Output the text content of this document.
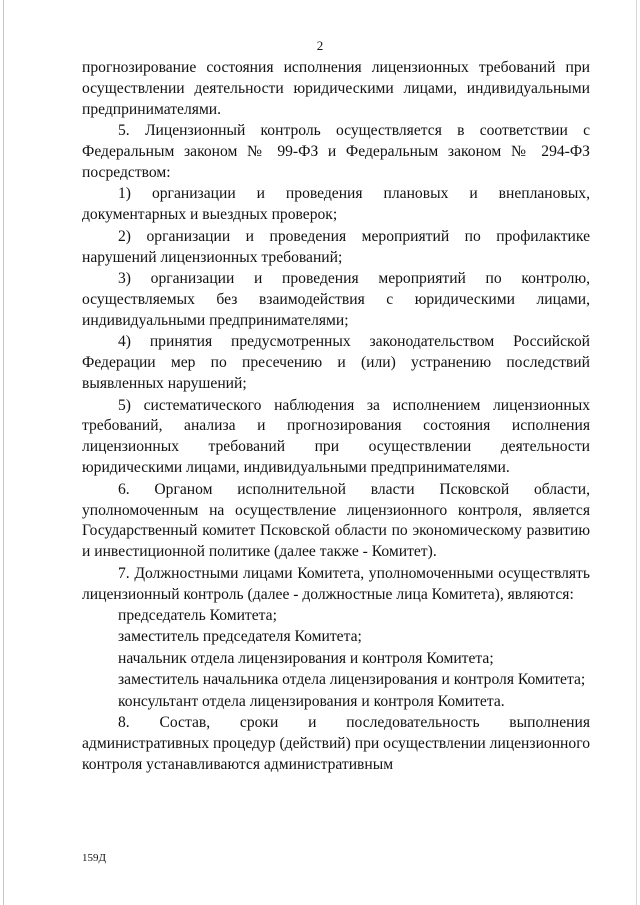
2

прогнозирование состояния исполнения лицензионных требований при осуществлении деятельности юридическими лицами, индивидуальными предпринимателями.

5. Лицензионный контроль осуществляется в соответствии с Федеральным законом № 99-ФЗ и Федеральным законом № 294-ФЗ посредством:

1) организации и проведения плановых и внеплановых, документарных и выездных проверок;

2) организации и проведения мероприятий по профилактике нарушений лицензионных требований;

3) организации и проведения мероприятий по контролю, осуществляемых без взаимодействия с юридическими лицами, индивидуальными предпринимателями;

4) принятия предусмотренных законодательством Российской Федерации мер по пресечению и (или) устранению последствий выявленных нарушений;

5) систематического наблюдения за исполнением лицензионных требований, анализа и прогнозирования состояния исполнения лицензионных требований при осуществлении деятельности юридическими лицами, индивидуальными предпринимателями.

6. Органом исполнительной власти Псковской области, уполномоченным на осуществление лицензионного контроля, является Государственный комитет Псковской области по экономическому развитию и инвестиционной политике (далее также - Комитет).

7. Должностными лицами Комитета, уполномоченными осуществлять лицензионный контроль (далее - должностные лица Комитета), являются:

председатель Комитета;

заместитель председателя Комитета;

начальник отдела лицензирования и контроля Комитета;

заместитель начальника отдела лицензирования и контроля Комитета;

консультант отдела лицензирования и контроля Комитета.

8. Состав, сроки и последовательность выполнения административных процедур (действий) при осуществлении лицензионного контроля устанавливаются административным

159Д
